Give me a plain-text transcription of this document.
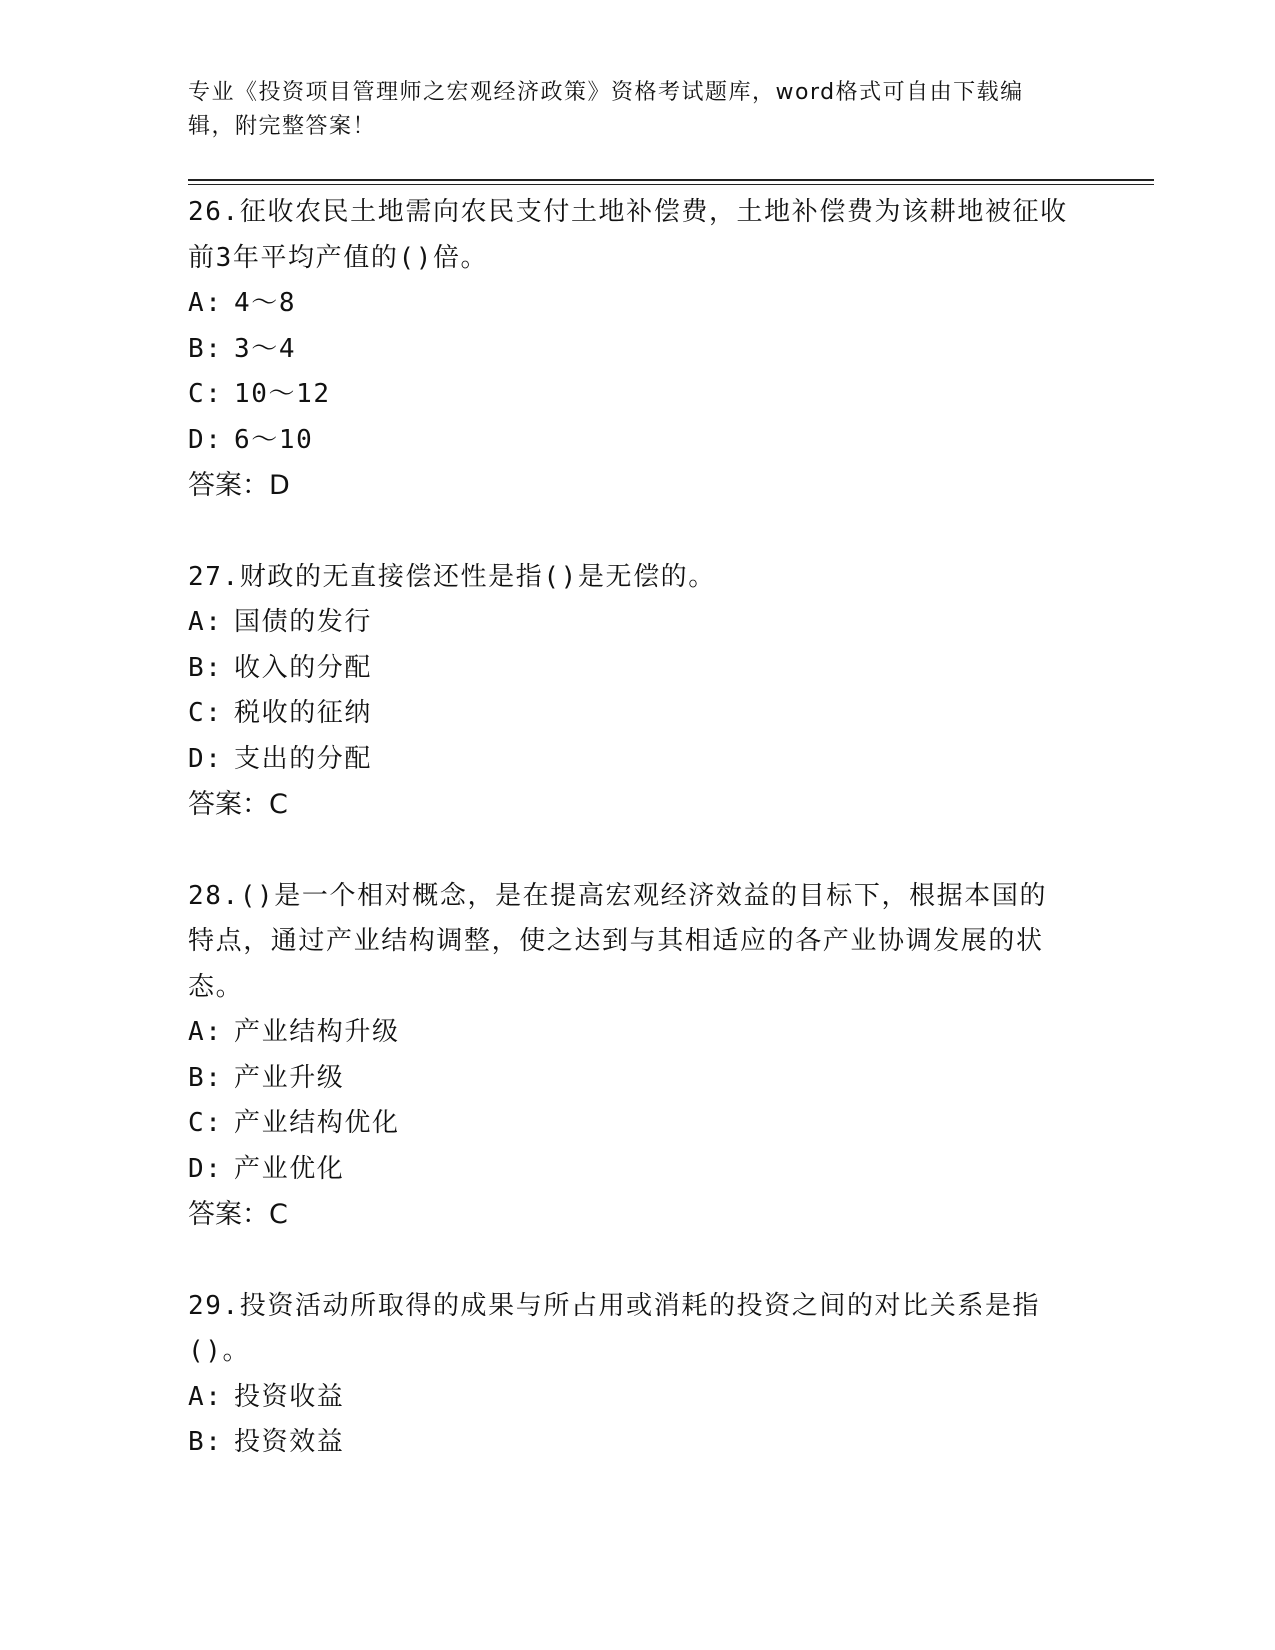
专业《投资项目管理师之宏观经济政策》资格考试题库，word格式可自由下载编辑，附完整答案！

26.征收农民土地需向农民支付土地补偿费，土地补偿费为该耕地被征收前3年平均产值的()倍。

A: 4～8

B: 3～4

C: 10～12

D: 6～10

答案：D

27.财政的无直接偿还性是指()是无偿的。

A: 国债的发行

B: 收入的分配

C: 税收的征纳

D: 支出的分配

答案：C

28.()是一个相对概念，是在提高宏观经济效益的目标下，根据本国的特点，通过产业结构调整，使之达到与其相适应的各产业协调发展的状态。

A: 产业结构升级

B: 产业升级

C: 产业结构优化

D: 产业优化

答案：C

29.投资活动所取得的成果与所占用或消耗的投资之间的对比关系是指()。

A: 投资收益

B: 投资效益
